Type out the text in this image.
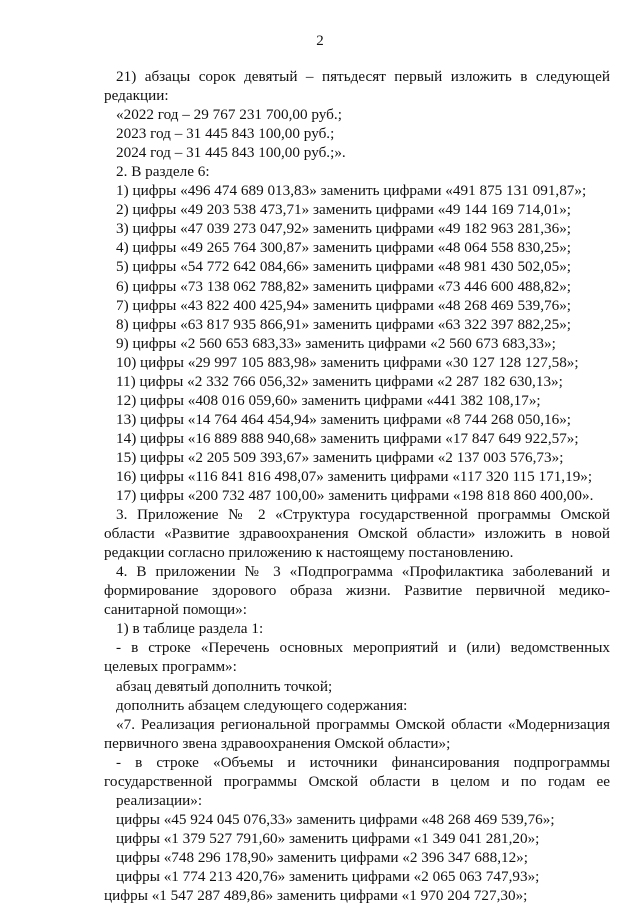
2
21) абзацы сорок девятый – пятьдесят первый изложить в следующей
редакции:
«2022 год – 29 767 231 700,00 руб.;
2023 год – 31 445 843 100,00 руб.;
2024 год – 31 445 843 100,00 руб.;».
2. В разделе 6:
1) цифры «496 474 689 013,83» заменить цифрами «491 875 131 091,87»;
2) цифры «49 203 538 473,71» заменить цифрами «49 144 169 714,01»;
3) цифры «47 039 273 047,92» заменить цифрами «49 182 963 281,36»;
4) цифры «49 265 764 300,87» заменить цифрами «48 064 558 830,25»;
5) цифры «54 772 642 084,66» заменить цифрами «48 981 430 502,05»;
6) цифры «73 138 062 788,82» заменить цифрами «73 446 600 488,82»;
7) цифры «43 822 400 425,94» заменить цифрами «48 268 469 539,76»;
8) цифры «63 817 935 866,91» заменить цифрами «63 322 397 882,25»;
9) цифры «2 560 653 683,33» заменить цифрами «2 560 673 683,33»;
10) цифры «29 997 105 883,98» заменить цифрами «30 127 128 127,58»;
11) цифры «2 332 766 056,32» заменить цифрами «2 287 182 630,13»;
12) цифры «408 016 059,60» заменить цифрами «441 382 108,17»;
13) цифры «14 764 464 454,94» заменить цифрами «8 744 268 050,16»;
14) цифры «16 889 888 940,68» заменить цифрами «17 847 649 922,57»;
15) цифры «2 205 509 393,67» заменить цифрами «2 137 003 576,73»;
16) цифры «116 841 816 498,07» заменить цифрами «117 320 115 171,19»;
17) цифры «200 732 487 100,00» заменить цифрами «198 818 860 400,00».
3. Приложение № 2 «Структура государственной программы Омской
области «Развитие здравоохранения Омской области» изложить в новой
редакции согласно приложению к настоящему постановлению.
4. В приложении № 3 «Подпрограмма «Профилактика заболеваний и
формирование здорового образа жизни. Развитие первичной медико-
санитарной помощи»:
1) в таблице раздела 1:
- в строке «Перечень основных мероприятий и (или) ведомственных
целевых программ»:
абзац девятый дополнить точкой;
дополнить абзацем следующего содержания:
«7. Реализация региональной программы Омской области «Модернизация
первичного звена здравоохранения Омской области»;
- в строке «Объемы и источники финансирования подпрограммы
государственной программы Омской области в целом и по годам ее
реализации»:
цифры «45 924 045 076,33» заменить цифрами «48 268 469 539,76»;
цифры «1 379 527 791,60» заменить цифрами «1 349 041 281,20»;
цифры «748 296 178,90» заменить цифрами «2 396 347 688,12»;
цифры «1 774 213 420,76» заменить цифрами «2 065 063 747,93»;
цифры «1 547 287 489,86» заменить цифрами «1 970 204 727,30»;
